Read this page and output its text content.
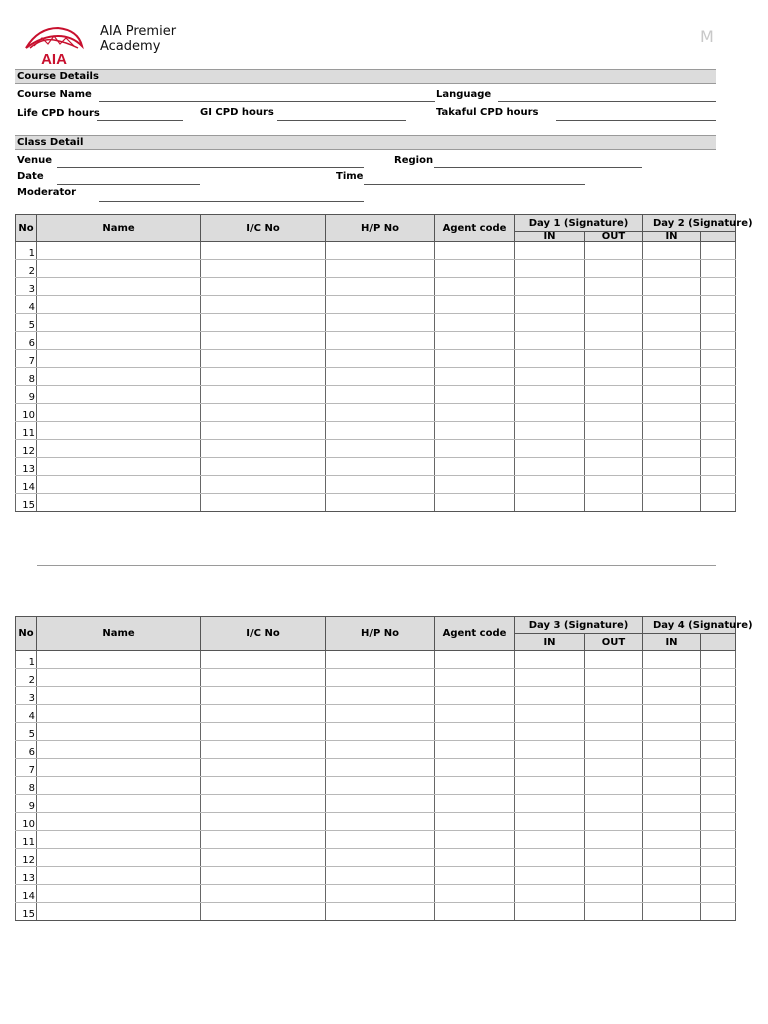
AIA
AIA Premier
Academy
M
Course Details
Course Name	Language
Life CPD hours	GI CPD hours	Takaful CPD hours
Class Detail
Venue	Region
Date	Time
Moderator
No	Name	I/C No	H/P No	Agent code	Day 1 (Signature)		Day 2 (Signature)	
					IN	OUT	IN	
1								
2								
3								
4								
5								
6								
7								
8								
9								
10								
11								
12								
13								
14								
15								
No	Name	I/C No	H/P No	Agent code	Day 3 (Signature)		Day 4 (Signature)	
					IN	OUT	IN	
1								
2								
3								
4								
5								
6								
7								
8								
9								
10								
11								
12								
13								
14								
15								
